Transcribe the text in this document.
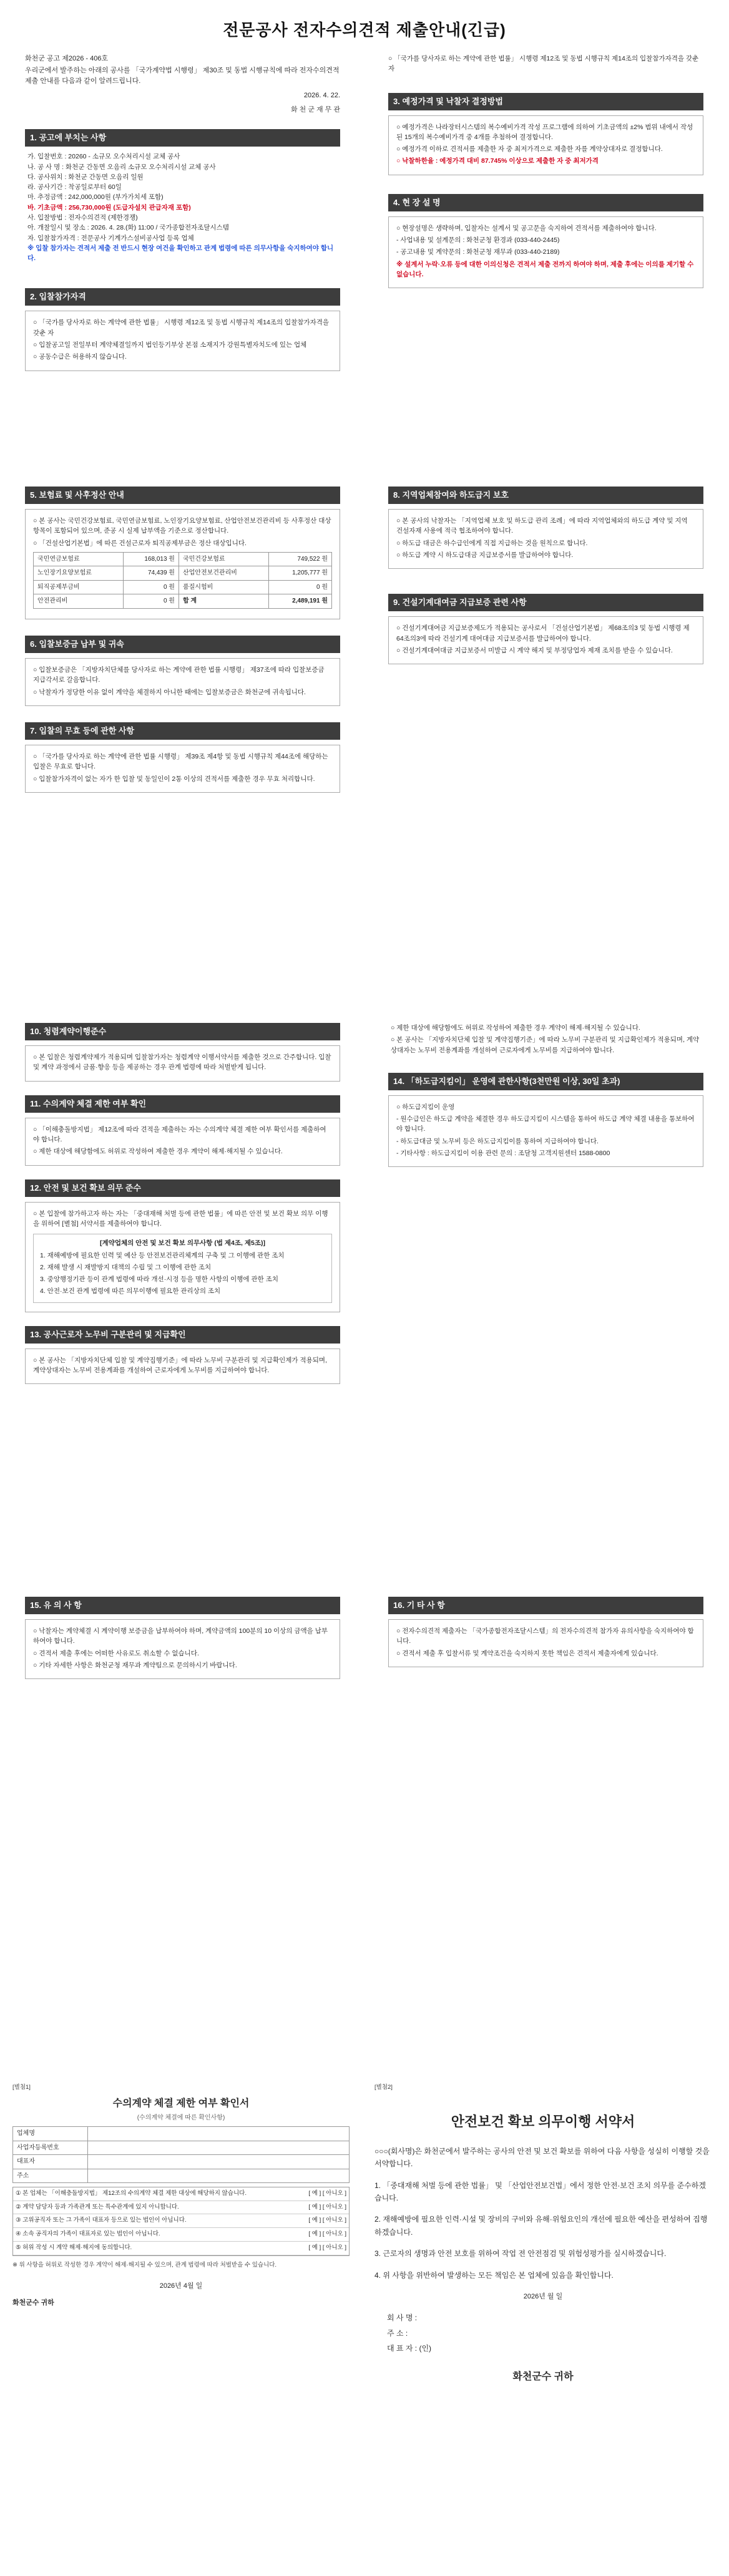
전문공사 전자수의견적 제출안내(긴급)

화천군 공고 제2026 - 406호

우리군에서 발주하는 아래의 공사를 「국가계약법 시행령」 제30조 및 동법 시행규칙에 따라 전자수의견적 제출 안내를 다음과 같이 알려드립니다.

2026. 4. 22.
화 천 군 재 무 관
1. 공고에 부치는 사항

가. 입찰번호 : 20260 - 소규모 오수처리시설 교체 공사

나. 공 사 명 : 화천군 간동면 오음리 소규모 오수처리시설 교체 공사

다. 공사위치 : 화천군 간동면 오음리 일원

라. 공사기간 : 착공일로부터 60일

마. 추정금액 : 242,000,000원 (부가가치세 포함)

바. 기초금액 : 256,730,000원 (도급자설치 관급자재 포함)

사. 입찰방법 : 전자수의견적 (제한경쟁)

아. 개찰일시 및 장소 : 2026. 4. 28.(화) 11:00 / 국가종합전자조달시스템

자. 입찰참가자격 : 전문공사 기계가스설비공사업 등록 업체

※ 입찰 참가자는 견적서 제출 전 반드시 현장 여건을 확인하고 관계 법령에 따른 의무사항을 숙지하여야 합니다.

2. 입찰참가자격

○ 「국가를 당사자로 하는 계약에 관한 법률」 시행령 제12조 및 동법 시행규칙 제14조의 입찰참가자격을 갖춘 자

○ 입찰공고일 전일부터 계약체결일까지 법인등기부상 본점 소재지가 강원특별자치도에 있는 업체

○ 공동수급은 허용하지 않습니다.

○ 「국가를 당사자로 하는 계약에 관한 법률」 시행령 제12조 및 동법 시행규칙 제14조의 입찰참가자격을 갖춘 자

3. 예정가격 및 낙찰자 결정방법

○ 예정가격은 나라장터시스템의 복수예비가격 작성 프로그램에 의하여 기초금액의 ±2% 범위 내에서 작성된 15개의 복수예비가격 중 4개를 추첨하여 결정합니다.

○ 예정가격 이하로 견적서를 제출한 자 중 최저가격으로 제출한 자를 계약상대자로 결정합니다.

○ 낙찰하한율 : 예정가격 대비 87.745% 이상으로 제출한 자 중 최저가격

4. 현 장 설 명

○ 현장설명은 생략하며, 입찰자는 설계서 및 공고문을 숙지하여 견적서를 제출하여야 합니다.

- 사업내용 및 설계문의 : 화천군청 환경과 (033-440-2445)

- 공고내용 및 계약문의 : 화천군청 재무과 (033-440-2189)

※ 설계서 누락·오류 등에 대한 이의신청은 견적서 제출 전까지 하여야 하며, 제출 후에는 이의를 제기할 수 없습니다.

5. 보험료 및 사후정산 안내

○ 본 공사는 국민건강보험료, 국민연금보험료, 노인장기요양보험료, 산업안전보건관리비 등 사후정산 대상 항목이 포함되어 있으며, 준공 시 실제 납부액을 기준으로 정산합니다.

○ 「건설산업기본법」에 따른 건설근로자 퇴직공제부금은 정산 대상입니다.

국민연금보험료	168,013 원	국민건강보험료	749,522 원
노인장기요양보험료	74,439 원	산업안전보건관리비	1,205,777 원
퇴직공제부금비	0 원	품질시험비	0 원
안전관리비	0 원	합 계	2,489,191 원
6. 입찰보증금 납부 및 귀속

○ 입찰보증금은 「지방자치단체를 당사자로 하는 계약에 관한 법률 시행령」 제37조에 따라 입찰보증금 지급각서로 갈음합니다.

○ 낙찰자가 정당한 이유 없이 계약을 체결하지 아니한 때에는 입찰보증금은 화천군에 귀속됩니다.

7. 입찰의 무효 등에 관한 사항

○ 「국가를 당사자로 하는 계약에 관한 법률 시행령」 제39조 제4항 및 동법 시행규칙 제44조에 해당하는 입찰은 무효로 합니다.

○ 입찰참가자격이 없는 자가 한 입찰 및 동일인이 2통 이상의 견적서를 제출한 경우 무효 처리합니다.

8. 지역업체참여와 하도급지 보호

○ 본 공사의 낙찰자는 「지역업체 보호 및 하도급 관리 조례」에 따라 지역업체와의 하도급 계약 및 지역 건설자재 사용에 적극 협조하여야 합니다.

○ 하도급 대금은 하수급인에게 직접 지급하는 것을 원칙으로 합니다.

○ 하도급 계약 시 하도급대금 지급보증서를 발급하여야 합니다.

9. 건설기계대여금 지급보증 관련 사항

○ 건설기계대여금 지급보증제도가 적용되는 공사로서 「건설산업기본법」 제68조의3 및 동법 시행령 제64조의3에 따라 건설기계 대여대금 지급보증서를 발급하여야 합니다.

○ 건설기계대여대금 지급보증서 미발급 시 계약 해지 및 부정당업자 제재 조치를 받을 수 있습니다.

10. 청렴계약이행준수

○ 본 입찰은 청렴계약제가 적용되며 입찰참가자는 청렴계약 이행서약서를 제출한 것으로 간주합니다. 입찰 및 계약 과정에서 금품·향응 등을 제공하는 경우 관계 법령에 따라 처벌받게 됩니다.

11. 수의계약 체결 제한 여부 확인

○ 「이해충돌방지법」 제12조에 따라 견적을 제출하는 자는 수의계약 체결 제한 여부 확인서를 제출하여야 합니다.

○ 제한 대상에 해당함에도 허위로 작성하여 제출한 경우 계약이 해제·해지될 수 있습니다.

12. 안전 및 보건 확보 의무 준수

○ 본 입찰에 참가하고자 하는 자는 「중대재해 처벌 등에 관한 법률」에 따른 안전 및 보건 확보 의무 이행을 위하여 [별첨] 서약서를 제출하여야 합니다.

[계약업체의 안전 및 보건 확보 의무사항 (법 제4조, 제5조)]

1. 재해예방에 필요한 인력 및 예산 등 안전보건관리체계의 구축 및 그 이행에 관한 조치

2. 재해 발생 시 재발방지 대책의 수립 및 그 이행에 관한 조치

3. 중앙행정기관 등이 관계 법령에 따라 개선·시정 등을 명한 사항의 이행에 관한 조치

4. 안전·보건 관계 법령에 따른 의무이행에 필요한 관리상의 조치

13. 공사근로자 노무비 구분관리 및 지급확인

○ 본 공사는 「지방자치단체 입찰 및 계약집행기준」에 따라 노무비 구분관리 및 지급확인제가 적용되며, 계약상대자는 노무비 전용계좌를 개설하여 근로자에게 노무비를 지급하여야 합니다.

○ 제한 대상에 해당함에도 허위로 작성하여 제출한 경우 계약이 해제·해지될 수 있습니다.

○ 본 공사는 「지방자치단체 입찰 및 계약집행기준」에 따라 노무비 구분관리 및 지급확인제가 적용되며, 계약상대자는 노무비 전용계좌를 개설하여 근로자에게 노무비를 지급하여야 합니다.

14. 「하도급지킴이」 운영에 관한사항(3천만원 이상, 30일 초과)

○ 하도급지킴이 운영

- 원수급인은 하도급 계약을 체결한 경우 하도급지킴이 시스템을 통하여 하도급 계약 체결 내용을 통보하여야 합니다.

- 하도급대금 및 노무비 등은 하도급지킴이를 통하여 지급하여야 합니다.

- 기타사항 : 하도급지킴이 이용 관련 문의 : 조달청 고객지원센터 1588-0800

15. 유 의 사 항

○ 낙찰자는 계약체결 시 계약이행 보증금을 납부하여야 하며, 계약금액의 100분의 10 이상의 금액을 납부하여야 합니다.

○ 견적서 제출 후에는 어떠한 사유로도 취소할 수 없습니다.

○ 기타 자세한 사항은 화천군청 재무과 계약팀으로 문의하시기 바랍니다.

16. 기 타 사 항

○ 전자수의견적 제출자는 「국가종합전자조달시스템」의 전자수의견적 참가자 유의사항을 숙지하여야 합니다.

○ 견적서 제출 후 입찰서류 및 계약조건을 숙지하지 못한 책임은 견적서 제출자에게 있습니다.

[별첨1]
수의계약 체결 제한 여부 확인서
(수의계약 체결에 따른 확인사항)
업체명	
사업자등록번호	
대표자	
주소	
① 본 업체는 「이해충돌방지법」 제12조의 수의계약 체결 제한 대상에 해당하지 않습니다.	[ 예 ] [ 아니오 ]
② 계약 담당자 등과 가족관계 또는 특수관계에 있지 아니합니다.	[ 예 ] [ 아니오 ]
③ 고위공직자 또는 그 가족이 대표자 등으로 있는 법인이 아닙니다.	[ 예 ] [ 아니오 ]
④ 소속 공직자의 가족이 대표자로 있는 법인이 아닙니다.	[ 예 ] [ 아니오 ]
⑤ 허위 작성 시 계약 해제·해지에 동의합니다.	[ 예 ] [ 아니오 ]

※ 위 사항을 허위로 작성한 경우 계약이 해제·해지될 수 있으며, 관계 법령에 따라 처벌받을 수 있습니다.

2026년 4월 일

화천군수 귀하

[별첨2]
안전보건 확보 의무이행 서약서

○○○(회사명)은 화천군에서 발주하는 공사의 안전 및 보건 확보를 위하여 다음 사항을 성실히 이행할 것을 서약합니다.

1. 「중대재해 처벌 등에 관한 법률」 및 「산업안전보건법」에서 정한 안전·보건 조치 의무를 준수하겠습니다.

2. 재해예방에 필요한 인력·시설 및 장비의 구비와 유해·위험요인의 개선에 필요한 예산을 편성하여 집행하겠습니다.

3. 근로자의 생명과 안전 보호를 위하여 작업 전 안전점검 및 위험성평가를 실시하겠습니다.

4. 위 사항을 위반하여 발생하는 모든 책임은 본 업체에 있음을 확인합니다.

2026년 월 일

회 사 명 :

주 소 :

대 표 자 : (인)

화천군수 귀하
